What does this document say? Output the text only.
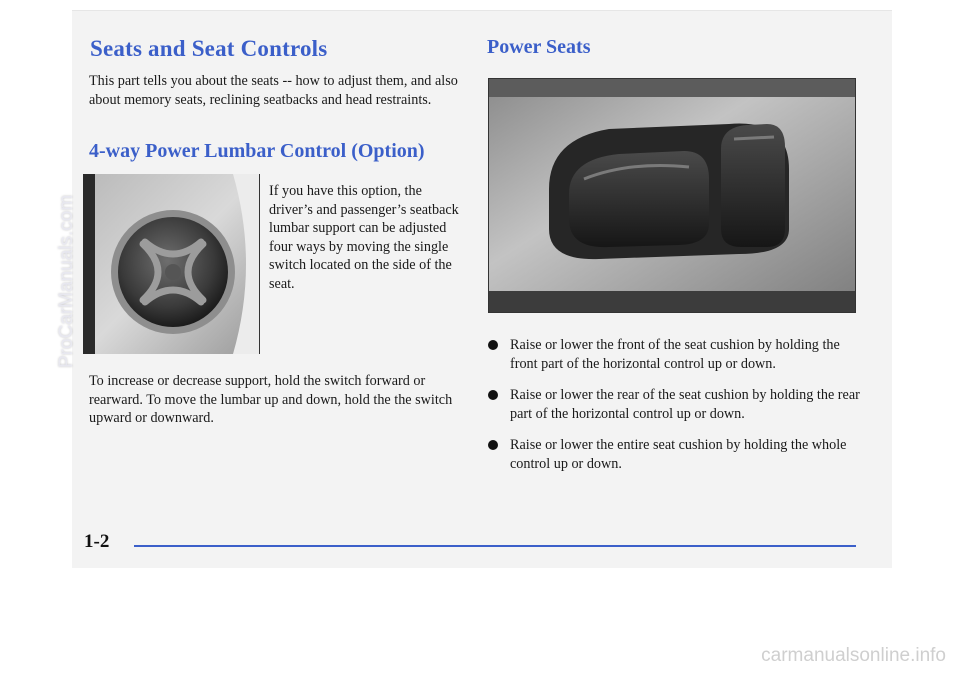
Seats and Seat Controls	Power Seats

This part tells you about the seats -- how to adjust them, and also about memory seats, reclining seatbacks and head restraints.

4-way Power Lumbar Control (Option)

If you have this option, the driver’s and passenger’s seatback lumbar support can be adjusted four ways by moving the single switch located on the side of the seat.

To increase or decrease support, hold the switch forward or rearward. To move the lumbar up and down, hold the the switch upward or downward.

Raise or lower the front of the seat cushion by holding the front part of the horizontal control up or down.
Raise or lower the rear of the seat cushion by holding the rear part of the horizontal control up or down.
Raise or lower the entire seat cushion by holding the whole control up or down.
1-2
ProCarManuals.com
carmanualsonline.info
